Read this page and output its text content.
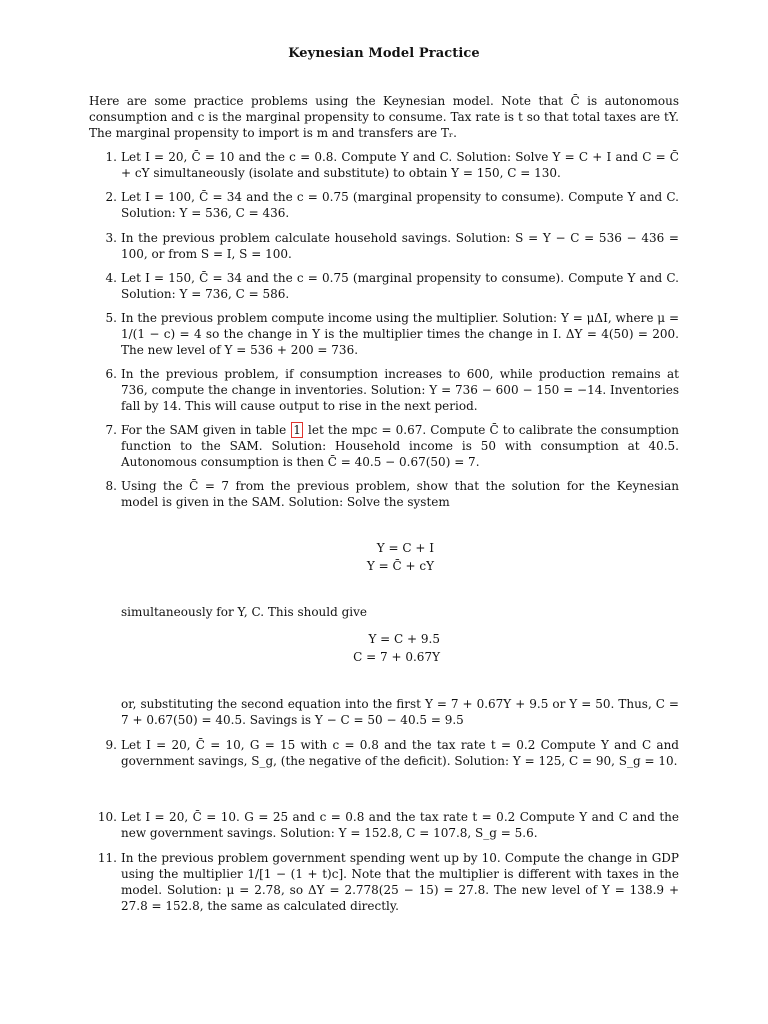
Keynesian Model Practice

Here are some practice problems using the Keynesian model. Note that C̄ is autonomous consumption and c is the marginal propensity to consume. Tax rate is t so that total taxes are tY. The marginal propensity to import is m and transfers are Tᵣ.

1. Let I = 20, C̄ = 10 and the c = 0.8. Compute Y and C. Solution: Solve Y = C + I and C = C̄ + cY simultaneously (isolate and substitute) to obtain Y = 150, C = 130.
2. Let I = 100, C̄ = 34 and the c = 0.75 (marginal propensity to consume). Compute Y and C. Solution: Y = 536, C = 436.
3. In the previous problem calculate household savings. Solution: S = Y − C = 536 − 436 = 100, or from S = I, S = 100.
4. Let I = 150, C̄ = 34 and the c = 0.75 (marginal propensity to consume). Compute Y and C. Solution: Y = 736, C = 586.
5. In the previous problem compute income using the multiplier. Solution: Y = μΔI, where μ = 1/(1 − c) = 4 so the change in Y is the multiplier times the change in I. ΔY = 4(50) = 200. The new level of Y = 536 + 200 = 736.
6. In the previous problem, if consumption increases to 600, while production remains at 736, compute the change in inventories. Solution: Y = 736 − 600 − 150 = −14. Inventories fall by 14. This will cause output to rise in the next period.
7. For the SAM given in table 1 let the mpc = 0.67. Compute C̄ to calibrate the consumption function to the SAM. Solution: Household income is 50 with consumption at 40.5. Autonomous consumption is then C̄ = 40.5 − 0.67(50) = 7.
8. Using the C̄ = 7 from the previous problem, show that the solution for the Keynesian model is given in the SAM. Solution: Solve the system
Y = C + I
Y = C̄ + cY

simultaneously for Y, C. This should give

Y = C + 9.5
C = 7 + 0.67Y

or, substituting the second equation into the first Y = 7 + 0.67Y + 9.5 or Y = 50. Thus, C = 7 + 0.67(50) = 40.5. Savings is Y − C = 50 − 40.5 = 9.5

9. Let I = 20, C̄ = 10, G = 15 with c = 0.8 and the tax rate t = 0.2 Compute Y and C and government savings, S_g, (the negative of the deficit). Solution: Y = 125, C = 90, S_g = 10.
10. Let I = 20, C̄ = 10. G = 25 and c = 0.8 and the tax rate t = 0.2 Compute Y and C and the new government savings. Solution: Y = 152.8, C = 107.8, S_g = 5.6.
11. In the previous problem government spending went up by 10. Compute the change in GDP using the multiplier 1/[1 − (1 + t)c]. Note that the multiplier is different with taxes in the model. Solution: μ = 2.78, so ΔY = 2.778(25 − 15) = 27.8. The new level of Y = 138.9 + 27.8 = 152.8, the same as calculated directly.
